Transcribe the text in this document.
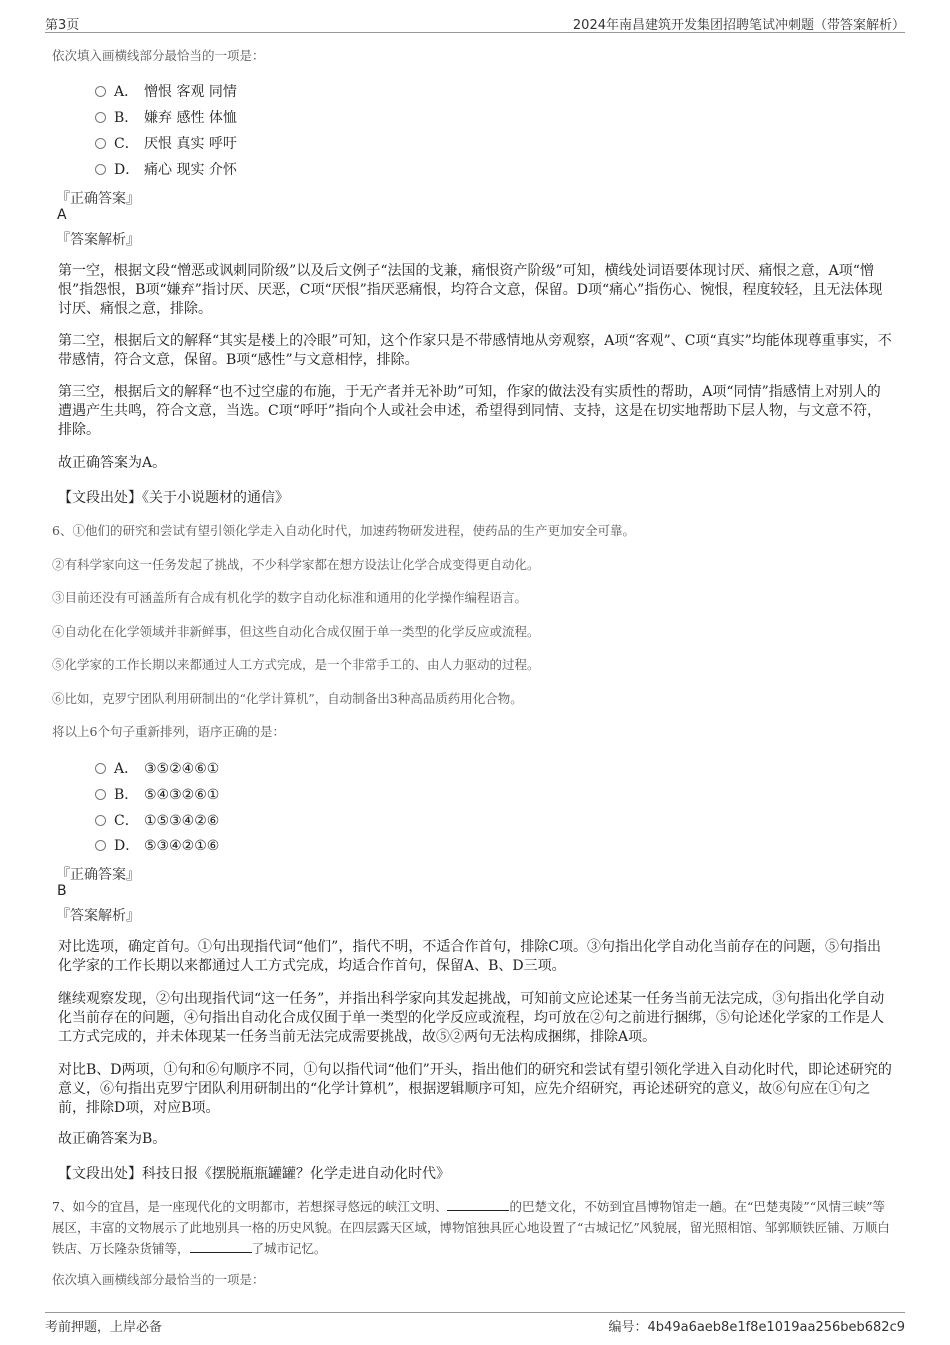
第3页	2024年南昌建筑开发集团招聘笔试冲刺题（带答案解析）
依次填入画横线部分最恰当的一项是：
A． 憎恨 客观 同情
B． 嫌弃 感性 体恤
C． 厌恨 真实 呼吁
D． 痛心 现实 介怀
『正确答案』
A
『答案解析』
第一空，根据文段“憎恶或讽刺同阶级”以及后文例子“法国的戈兼，痛恨资产阶级”可知，横线处词语要体现讨厌、痛恨之意，A项“憎恨”指怨恨，B项“嫌弃”指讨厌、厌恶，C项“厌恨”指厌恶痛恨，均符合文意，保留。D项“痛心”指伤心、惋恨，程度较轻，且无法体现讨厌、痛恨之意，排除。
第二空，根据后文的解释“其实是楼上的冷眼”可知，这个作家只是不带感情地从旁观察，A项“客观”、C项“真实”均能体现尊重事实，不带感情，符合文意，保留。B项“感性”与文意相悖，排除。
第三空，根据后文的解释“也不过空虚的布施，于无产者并无补助”可知，作家的做法没有实质性的帮助，A项“同情”指感情上对别人的遭遇产生共鸣，符合文意，当选。C项“呼吁”指向个人或社会申述，希望得到同情、支持，这是在切实地帮助下层人物，与文意不符，排除。
故正确答案为A。
【文段出处】《关于小说题材的通信》
6、①他们的研究和尝试有望引领化学走入自动化时代，加速药物研发进程，使药品的生产更加安全可靠。
②有科学家向这一任务发起了挑战，不少科学家都在想方设法让化学合成变得更自动化。
③目前还没有可涵盖所有合成有机化学的数字自动化标准和通用的化学操作编程语言。
④自动化在化学领域并非新鲜事，但这些自动化合成仅囿于单一类型的化学反应或流程。
⑤化学家的工作长期以来都通过人工方式完成，是一个非常手工的、由人力驱动的过程。
⑥比如，克罗宁团队利用研制出的“化学计算机”，自动制备出3种高品质药用化合物。
将以上6个句子重新排列，语序正确的是：
A． ③⑤②④⑥①
B． ⑤④③②⑥①
C． ①⑤③④②⑥
D． ⑤③④②①⑥
『正确答案』
B
『答案解析』
对比选项，确定首句。①句出现指代词“他们”，指代不明，不适合作首句，排除C项。③句指出化学自动化当前存在的问题，⑤句指出化学家的工作长期以来都通过人工方式完成，均适合作首句，保留A、B、D三项。
继续观察发现，②句出现指代词“这一任务”，并指出科学家向其发起挑战，可知前文应论述某一任务当前无法完成，③句指出化学自动化当前存在的问题，④句指出自动化合成仅囿于单一类型的化学反应或流程，均可放在②句之前进行捆绑，⑤句论述化学家的工作是人工方式完成的，并未体现某一任务当前无法完成需要挑战，故⑤②两句无法构成捆绑，排除A项。
对比B、D两项，①句和⑥句顺序不同，①句以指代词“他们”开头，指出他们的研究和尝试有望引领化学进入自动化时代，即论述研究的意义，⑥句指出克罗宁团队利用研制出的“化学计算机”，根据逻辑顺序可知，应先介绍研究，再论述研究的意义，故⑥句应在①句之前，排除D项，对应B项。
故正确答案为B。
【文段出处】科技日报《摆脱瓶瓶罐罐？化学走进自动化时代》
7、如今的宜昌，是一座现代化的文明都市，若想探寻悠远的峡江文明、	的巴楚文化，不妨到宜昌博物馆走一趟。在“巴楚夷陵”“风情三峡”等展区，丰富的文物展示了此地别具一格的历史风貌。在四层露天区域，博物馆独具匠心地设置了“古城记忆”风貌展，留光照相馆、邹郭顺铁匠铺、万顺白铁店、万长隆杂货铺等，	了城市记忆。
依次填入画横线部分最恰当的一项是：
考前押题，上岸必备	编号：4b49a6aeb8e1f8e1019aa256beb682c9
